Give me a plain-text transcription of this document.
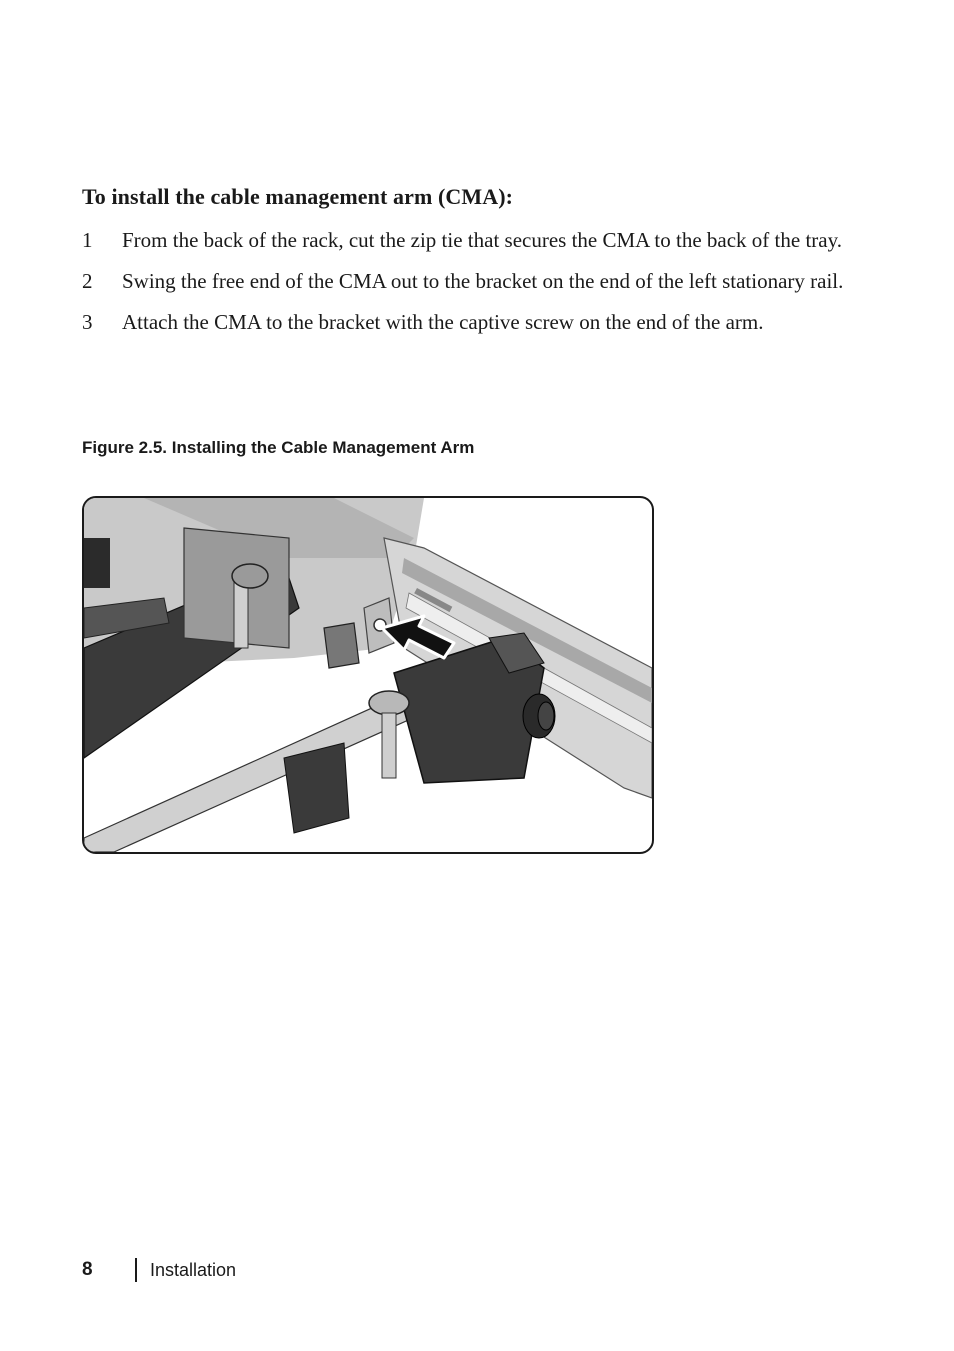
To install the cable management arm (CMA):
1 From the back of the rack, cut the zip tie that secures the CMA to the back of the tray.
2 Swing the free end of the CMA out to the bracket on the end of the left stationary rail.
3 Attach the CMA to the bracket with the captive screw on the end of the arm.
Figure 2.5. Installing the Cable Management Arm
8	Installation
